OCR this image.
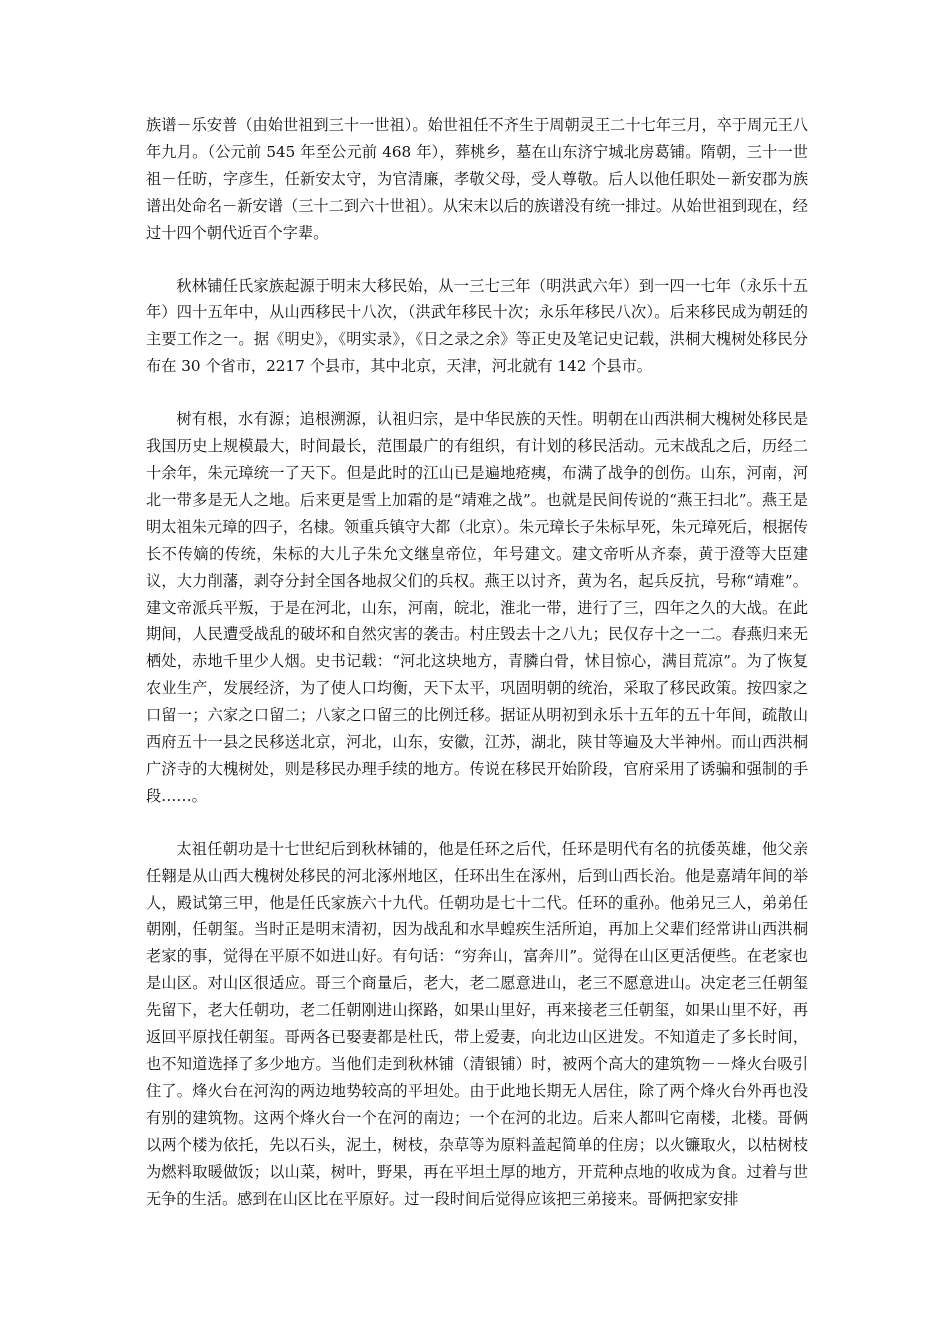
族谱－乐安普（由始世祖到三十一世祖）。始世祖任不齐生于周朝灵王二十七年三月，卒于周元王八年九月。（公元前 545 年至公元前 468 年），葬桃乡，墓在山东济宁城北房葛铺。隋朝，三十一世祖－任昉，字彦生，任新安太守，为官清廉，孝敬父母，受人尊敬。后人以他任职处－新安郡为族谱出处命名－新安谱（三十二到六十世祖）。从宋末以后的族谱没有统一排过。从始世祖到现在，经过十四个朝代近百个字辈。

秋林铺任氏家族起源于明末大移民始，从一三七三年（明洪武六年）到一四一七年（永乐十五年）四十五年中，从山西移民十八次，（洪武年移民十次；永乐年移民八次）。后来移民成为朝廷的主要工作之一。据《明史》，《明实录》，《日之录之余》等正史及笔记史记载，洪桐大槐树处移民分布在 30 个省市，2217 个县市，其中北京，天津，河北就有 142 个县市。

树有根，水有源；追根溯源，认祖归宗，是中华民族的天性。明朝在山西洪桐大槐树处移民是我国历史上规模最大，时间最长，范围最广的有组织，有计划的移民活动。元末战乱之后，历经二十余年，朱元璋统一了天下。但是此时的江山已是遍地疮痍，布满了战争的创伤。山东，河南，河北一带多是无人之地。后来更是雪上加霜的是“靖难之战”。也就是民间传说的“燕王扫北”。燕王是明太祖朱元璋的四子，名棣。领重兵镇守大都（北京）。朱元璋长子朱标早死，朱元璋死后，根据传长不传嫡的传统，朱标的大儿子朱允文继皇帝位，年号建文。建文帝听从齐泰，黄于澄等大臣建议，大力削藩，剥夺分封全国各地叔父们的兵权。燕王以讨齐，黄为名，起兵反抗，号称“靖难”。建文帝派兵平叛，于是在河北，山东，河南，皖北，淮北一带，进行了三，四年之久的大战。在此期间，人民遭受战乱的破坏和自然灾害的袭击。村庄毁去十之八九；民仅存十之一二。春燕归来无栖处，赤地千里少人烟。史书记载：“河北这块地方，青膦白骨，怵目惊心，满目荒凉”。为了恢复农业生产，发展经济，为了使人口均衡，天下太平，巩固明朝的统治，采取了移民政策。按四家之口留一；六家之口留二；八家之口留三的比例迁移。据证从明初到永乐十五年的五十年间，疏散山西府五十一县之民移送北京，河北，山东，安徽，江苏，湖北，陕甘等遍及大半神州。而山西洪桐广济寺的大槐树处，则是移民办理手续的地方。传说在移民开始阶段，官府采用了诱骗和强制的手段……。

太祖任朝功是十七世纪后到秋林铺的，他是任环之后代，任环是明代有名的抗倭英雄，他父亲任翱是从山西大槐树处移民的河北涿州地区，任环出生在涿州，后到山西长治。他是嘉靖年间的举人，殿试第三甲，他是任氏家族六十九代。任朝功是七十二代。任环的重孙。他弟兄三人，弟弟任朝刚，任朝玺。当时正是明末清初，因为战乱和水旱蝗疾生活所迫，再加上父辈们经常讲山西洪桐老家的事，觉得在平原不如进山好。有句话：“穷奔山，富奔川”。觉得在山区更活便些。在老家也是山区。对山区很适应。哥三个商量后，老大，老二愿意进山，老三不愿意进山。决定老三任朝玺先留下，老大任朝功，老二任朝刚进山探路，如果山里好，再来接老三任朝玺，如果山里不好，再返回平原找任朝玺。哥两各已娶妻都是杜氏，带上爱妻，向北边山区进发。不知道走了多长时间，也不知道选择了多少地方。当他们走到秋林铺（清银铺）时，被两个高大的建筑物－－烽火台吸引住了。烽火台在河沟的两边地势较高的平坦处。由于此地长期无人居住，除了两个烽火台外再也没有别的建筑物。这两个烽火台一个在河的南边；一个在河的北边。后来人都叫它南楼，北楼。哥俩以两个楼为依托，先以石头，泥土，树枝，杂草等为原料盖起简单的住房；以火镰取火，以枯树枝为燃料取暖做饭；以山菜，树叶，野果，再在平坦土厚的地方，开荒种点地的收成为食。过着与世无争的生活。感到在山区比在平原好。过一段时间后觉得应该把三弟接来。哥俩把家安排
